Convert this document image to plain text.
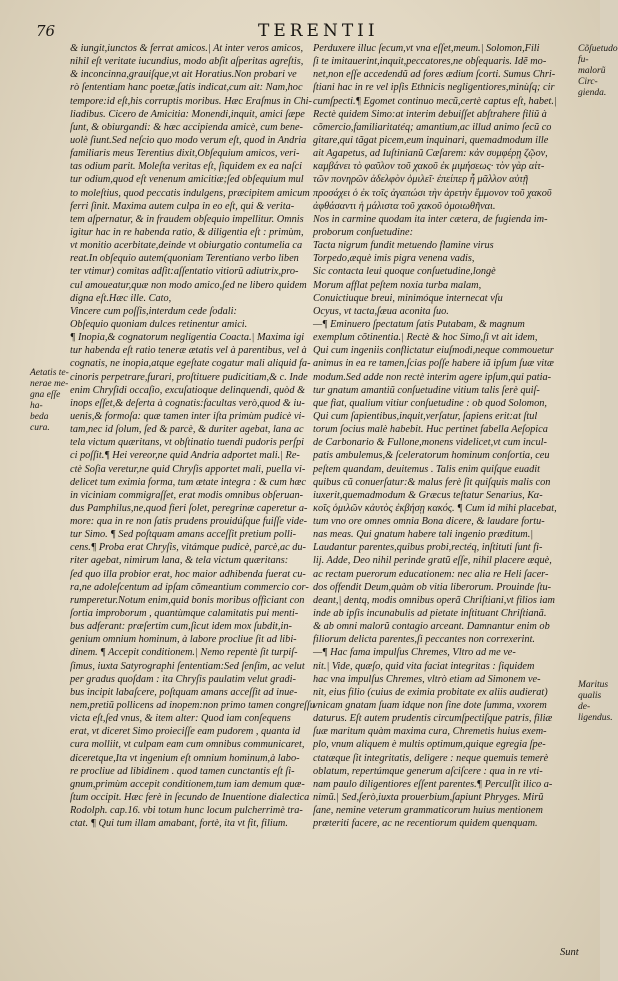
76	TERENTII
Aetatis te-
nerae me-
gna eſſe ha-
beda cura.
Cõſuetudo
fu-
malorũ
Circ-
gienda.
Maritus
qualis de-
ligendus.
& iungit,iunctos & ferrat amicos.| At inter veros amicos,
nihil eſt veritate iucundius, modo abſit aſperitas agreſtis,
& inconcinna,grauiſque,vt ait Horatius.Non probari ve
rò ſententiam hanc poetæ,ſatis indicat,cum ait: Nam,hoc
tempore:id eſt,his corruptis moribus. Hæc Eraſmus in Chi-
liadibus. Cicero de Amicitia: Monendi,inquit, amici ſæpe
ſunt, & obiurgandi: & hæc accipienda amicè, cum bene-
uolè ſiunt.Sed neſcio quo modo verum eſt, quod in Andria
familiaris meus Terentius dixit,Obſequium amicos, veri-
tas odium parit. Moleſta veritas eſt, ſiquidem ex ea naſci
tur odium,quod eſt venenum amicitiæ;ſed obſequium mul
to moleſtius, quod peccatis indulgens, præcipitem amicum
ferri ſinit. Maxima autem culpa in eo eſt, qui & verita-
tem aſpernatur, & in fraudem obſequio impellitur. Omnis
igitur hac in re habenda ratio, & diligentia eſt : primùm,
vt monitio acerbitate,deinde vt obiurgatio contumelia ca
reat.In obſequio autem(quoniam Terentiano verbo liben
ter vtimur) comitas adſit:aſſentatio vitiorũ adiutrix,pro-
cul amoueatur,quæ non modo amico,ſed ne libero quidem
digna eſt.Hæc ille. Cato,
Vincere cum poſſis,interdum cede ſodali:
Obſequio quoniam dulces retinentur amici.
¶ Inopia,& cognatorum negligentia Coacta.| Maxima igi
tur habenda eſt ratio teneræ ætatis vel à parentibus, vel à
cognatis, ne inopia,atque egeſtate cogatur mali aliquid fa-
cinoris perpetrare,furari, proſtituere pudicitiam,& c. Inde
enim Chryſidi occaſio, excuſatioque delinquendi, quòd &
inops eſſet,& deſerta à cognatis:facultas verò,quod & iu-
uenis,& formoſa: quæ tamen inter iſta primùm pudicè vi-
tam,nec id ſolum, ſed & parcè, & duriter agebat, lana ac
tela victum quæritans, vt obſtinatio tuendi pudoris perſpi
ci poſſit.¶ Hei vereor,ne quid Andria adportet mali.| Re-
ctè Soſia veretur,ne quid Chryſis apportet mali, puella vi-
delicet tum eximia forma, tum ætate integra : & cum hæc
in viciniam commigraſſet, erat modis omnibus obſeruan-
dus Pamphilus,ne,quod fieri ſolet, peregrinæ caperetur a-
more: qua in re non ſatis prudens prouidúſque fuiſſe vide-
tur Simo. ¶ Sed poſtquam amans acceſſit pretium polli-
cens.¶ Proba erat Chryſis, vitámque pudicè, parcè,ac du-
riter agebat, nimirum lana, & tela victum quæritans:
ſed quo illa probior erat, hoc maior adhibenda fuerat cu-
ra,ne adoleſcentum ad ipſam cõmeantium commercio cor-
rumperetur.Notum enim,quid bonis moribus officiant con
ſortia improborum , quantùmque calamitatis pui menti-
bus adferant: præſertim cum,ſicut idem mox ſubdit,in-
genium omnium hominum, à labore procliue ſit ad libi-
dinem. ¶ Accepit conditionem.| Nemo repentè ſit turpiſ-
ſimus, iuxta Satyrographi ſententiam:Sed ſenſim, ac velut
per gradus quoſdam : ita Chryſis paulatim velut gradi-
bus incipit labaſcere, poſtquam amans acceſſit ad inue-
nem,pretiũ pollicens ad inopem:non primo tamen congreſſu
victa eſt,ſed vnus, & item alter: Quod iam conſequens
erat, vt diceret Simo proieciſſe eam pudorem , quanta id
cura molliit, vt culpam eam cum omnibus communicaret,
diceretque,Ita vt ingenium eſt omnium hominum,à labo-
re procliue ad libidinem . quod tamen cunctantis eſt ſi-
gnum,primùm accepit conditionem,tum iam demum quæ-
ſtum occipit. Hæc ferè in ſecundo de Inuentione dialectica
Rodolph. cap.16. vbi totum hunc locum pulcherrimè tra-
ctat. ¶ Qui tum illam amabant, fortè, ita vt fit, filium.
Perduxere illuc ſecum,vt vna eſſet,meum.| Solomon,Fili
ſi te imitauerint,inquit,peccatores,ne obſequaris. Idẽ mo-
net,non eſſe accedendũ ad fores ædium ſcorti. Sumus Chri-
ſtiani hac in re vel ipſis Ethnicis negligentiores,minùſq; cir
cumſpecti.¶ Egomet continuo mecũ,certè captus eſt, habet.|
Rectè quidem Simo:at interim debuiſſet abſtrahere filiũ à
cõmercio,familiaritatéq; amantium,ac illud animo ſecũ co
gitare,qui tãgat picem,eum inquinari, quemadmodum ille
ait Agapetus, ad Iuſtinianũ Cæſarem: κἀν συμφέρῃ ζῷον,
καμβάνει τὸ φαῦλον τοῦ χακοῦ ἐκ μιμήσεως· τὸν γὰρ αἰτ-
τῶν πονηρῶν ἀδελφὸν ὁμιλεῖ· ἐπείπερ ἦ μᾶλλον αὐτῇ
προσάχει ὁ ἐκ τοῖς ἀγαπώσι τὴν ἀρετὴν ἔμμονον τοῦ χακοῦ
ἀφθάσαντι ἡ μάλιστα τοῦ χακοῦ ὁμοιωθῆναι.
Nos in carmine quodam ita inter cætera, de fugienda im-
proborum conſuetudine:
Tacta nigrum fundit metuendo flamine virus
Torpedo,æquè imis pigra venena vadis,
Sic contacta leui quoque conſuetudine,longè
Morum afflat peſtem noxia turba malam,
Conuictiuque breui, minimóque internecat vſu
Ocyus, vt tacta,ſæua aconita ſuo.
—¶ Eminuero ſpectatum ſatis Putabam, & magnum
exemplum cõtinentia.| Rectè & hoc Simo,ſi vt ait idem,
Qui cum ingeniis conflictatur eiuſmodi,neque commouetur
animus in ea re tamen,ſcias poſſe habere iã ipſum ſuæ vitæ
modum.Sed adde non rectè interim agere ipſum,qui patia-
tur gnatum amantiũ conſuetudine vitium talis ſerè quiſ-
que fiat, qualium vitiur conſuetudine : ob quod Solomon,
Qui cum ſapientibus,inquit,verſatur, ſapiens erit:at ſtul
torum ſocius malè habebit. Huc pertinet fabella Aeſopica
de Carbonario & Fullone,monens videlicet,vt cum incul-
patis ambulemus,& ſceleratorum hominum conſortia, ceu
peſtem quandam, deuitemus . Talis enim quiſque euadit
quibus cũ conuerſatur:& malus ferè ſit quiſquis malis con
iuxerit,quemadmodum & Græcus teſtatur Senarius, Κα-
κοῖς ὁμιλῶν κἀυτὸς ἐκβήσῃ κακός. ¶ Cum id mihi placebat,
tum vno ore omnes omnia Bona dicere, & laudare fortu-
nas meas. Qui gnatum habere tali ingenio præditum.|
Laudantur parentes,quibus probi,rectéq, inſtituti ſunt fi-
lij. Adde, Deo nihil perinde gratũ eſſe, nihil placere æquè,
ac rectam puerorum educationem: nec alia re Heli ſacer-
dos offendit Deum,quàm ob vitia liberorum. Prouinde ſtu-
deant,| dentq, modis omnibus operã Chriſtiani,vt filios iam
inde ab ipſis incunabulis ad pietate inſtituant Chriſtianã.
& ab omni malorũ contagio arceant. Damnantur enim ob
filiorum delicta parentes,ſi peccantes non correxerint.
—¶ Hac fama impulſus Chremes, Vltro ad me ve-
nit.| Vide, quæſo, quid vita faciat integritas : ſiquidem
hac vna impulſus Chremes, vltrò etiam ad Simonem ve-
nit, eius filio (cuius de eximia probitate ex aliis audierat)
vnicam gnatam ſuam idque non ſine dote ſumma, vxorem
daturus. Eſt autem prudentis circumſpectiſque patris, filiæ
ſuæ maritum quàm maxima cura, Chremetis huius exem-
plo, vnum aliquem è multis optimum,quique egregia ſpe-
ctatæque ſit integritatis, deligere : neque quemuis temerè
oblatum, repertúmque generum aſciſcere : qua in re vti-
nam paulo diligentiores eſſent parentes.¶ Perculſit ilico a-
nimũ.| Sed,ſerò,iuxta prouerbium,ſapiunt Phryges. Mirũ
ſane, nemine veterum grammaticorum huius mentionem
præteriti facere, ac ne recentiorum quidem quenquam.
Sunt
